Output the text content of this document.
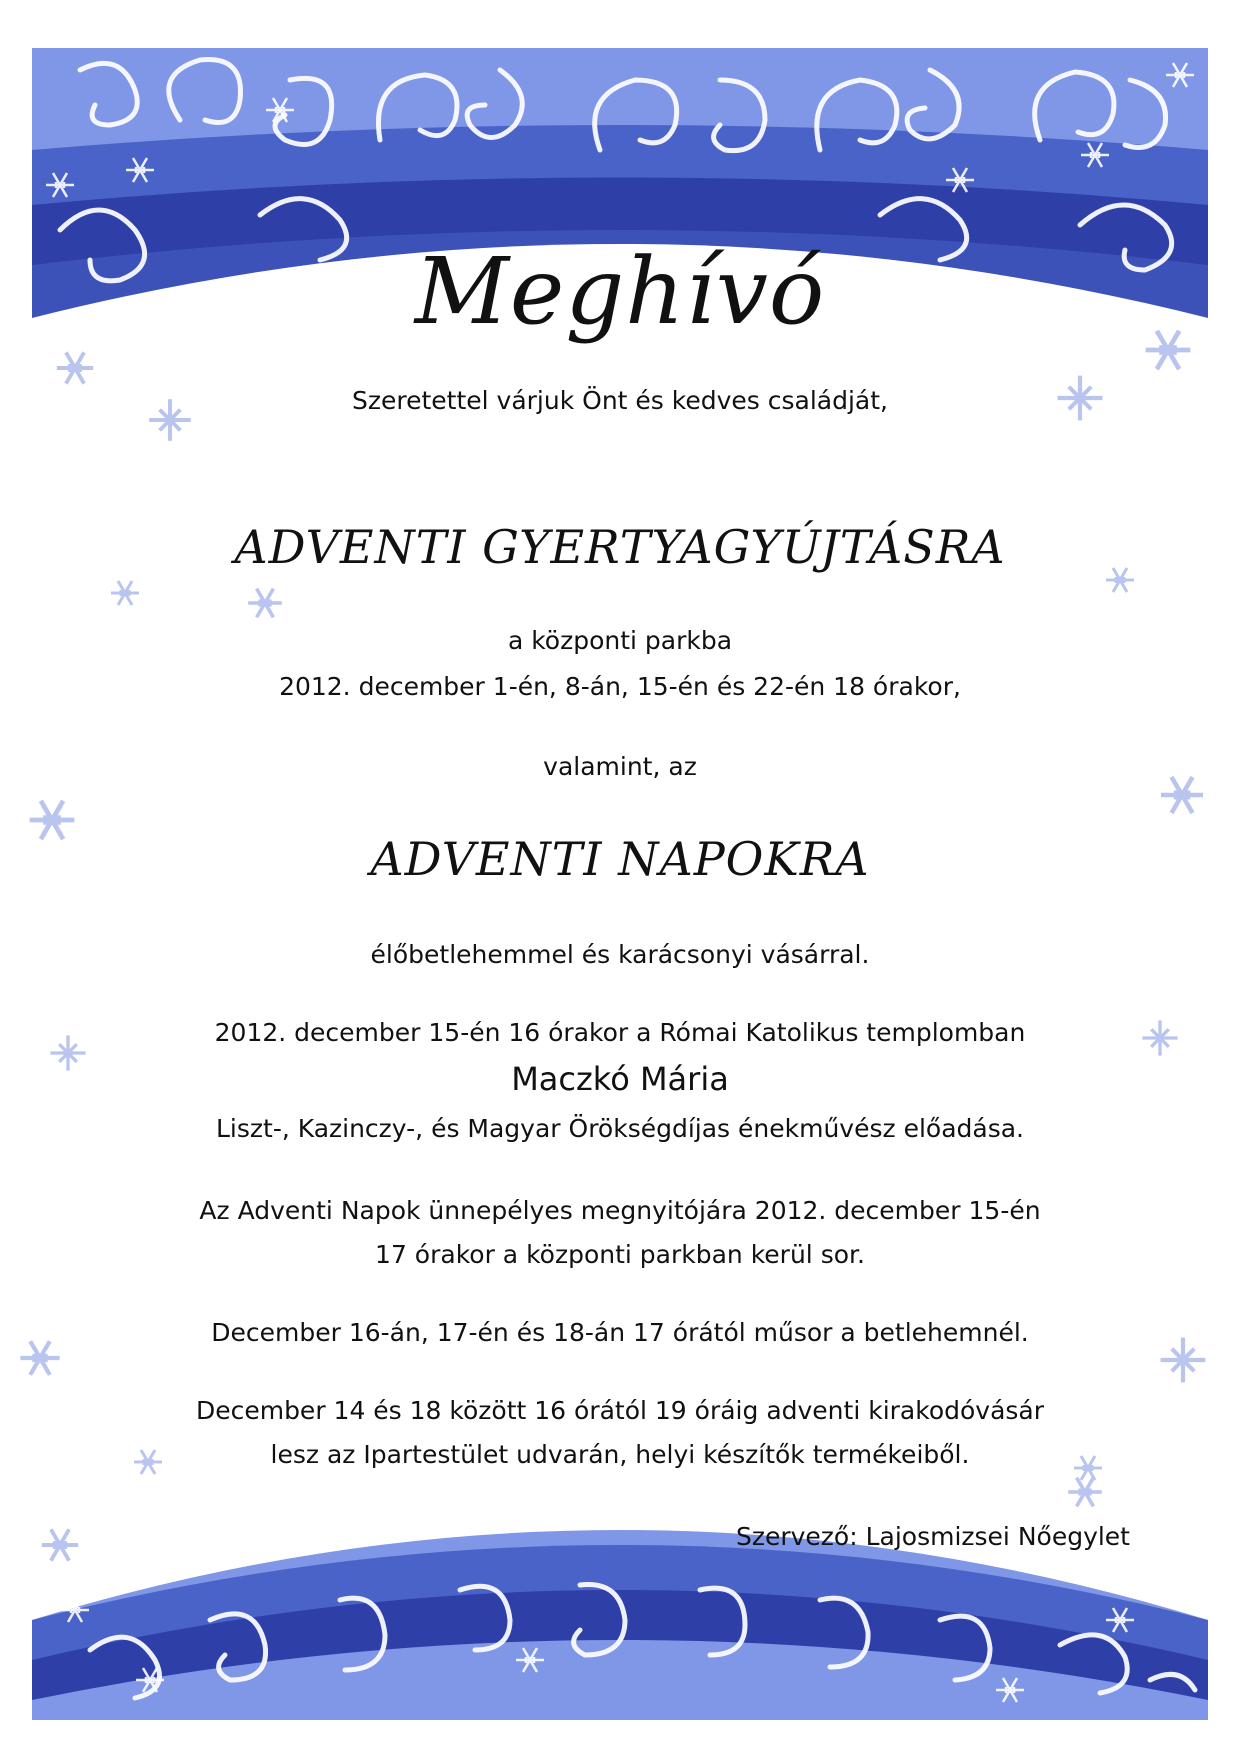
Meghívó
Szeretettel várjuk Önt és kedves családját,
ADVENTI GYERTYAGYÚJTÁSRA
a központi parkba
2012. december 1-én, 8-án, 15-én és 22-én 18 órakor,
valamint, az
ADVENTI NAPOKRA
élőbetlehemmel és karácsonyi vásárral.
2012. december 15-én 16 órakor a Római Katolikus templomban
Maczkó Mária
Liszt-, Kazinczy-, és Magyar Örökségdíjas énekművész előadása.
Az Adventi Napok ünnepélyes megnyitójára 2012. december 15-én
17 órakor a központi parkban kerül sor.
December 16-án, 17-én és 18-án 17 órától műsor a betlehemnél.
December 14 és 18 között 16 órától 19 óráig adventi kirakodóvásár
lesz az Ipartestület udvarán, helyi készítők termékeiből.
Szervező: Lajosmizsei Nőegylet
